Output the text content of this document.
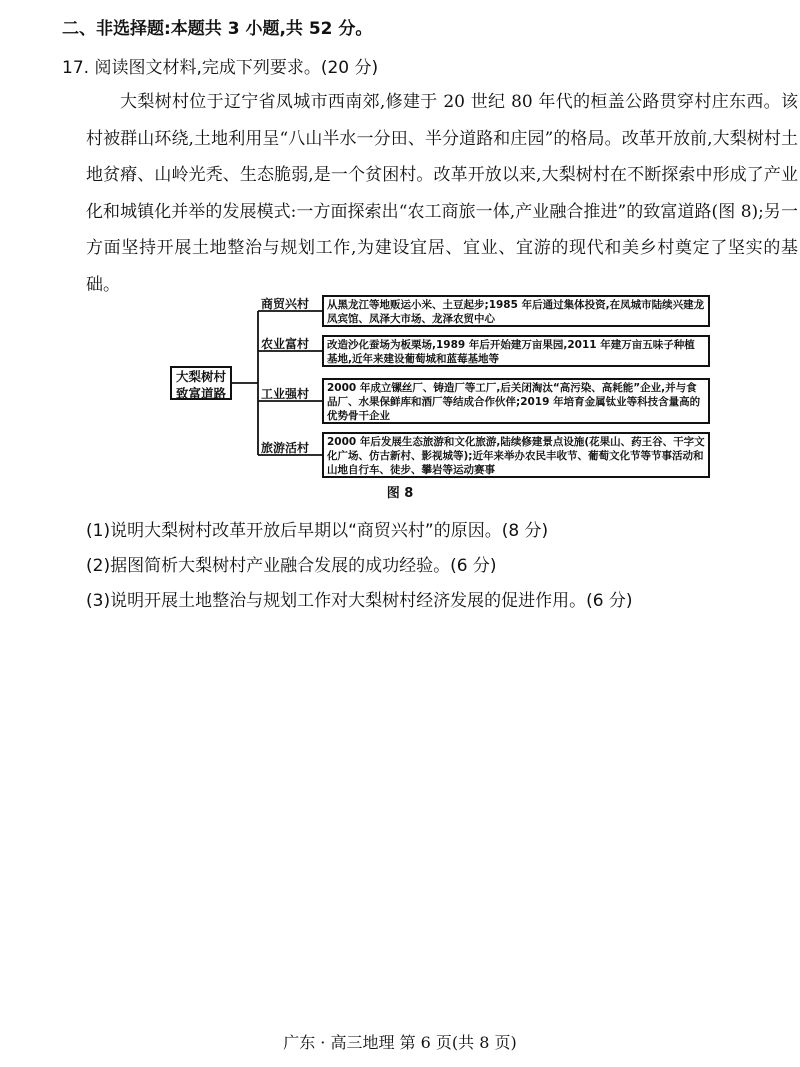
二、非选择题:本题共 3 小题,共 52 分。
17. 阅读图文材料,完成下列要求。(20 分)
大梨树村位于辽宁省凤城市西南郊,修建于 20 世纪 80 年代的桓盖公路贯穿村庄东西。该村被群山环绕,土地利用呈“八山半水一分田、半分道路和庄园”的格局。改革开放前,大梨树村土地贫瘠、山岭光秃、生态脆弱,是一个贫困村。改革开放以来,大梨树村在不断探索中形成了产业化和城镇化并举的发展模式:一方面探索出“农工商旅一体,产业融合推进”的致富道路(图 8);另一方面坚持开展土地整治与规划工作,为建设宜居、宜业、宜游的现代和美乡村奠定了坚实的基础。
大梨树村
致富道路
商贸兴村
农业富村
工业强村
旅游活村
从黑龙江等地贩运小米、土豆起步;1985 年后通过集体投资,在凤城市陆续兴建龙凤宾馆、凤泽大市场、龙泽农贸中心
改造沙化蚕场为板栗场,1989 年后开始建万亩果园,2011 年建万亩五味子种植基地,近年来建设葡萄城和蓝莓基地等
2000 年成立镙丝厂、铸造厂等工厂,后关闭淘汰“高污染、高耗能”企业,并与食品厂、水果保鲜库和酒厂等结成合作伙伴;2019 年培育金属钛业等科技含量高的优势骨干企业
2000 年后发展生态旅游和文化旅游,陆续修建景点设施(花果山、药王谷、干字文化广场、仿古新村、影视城等);近年来举办农民丰收节、葡萄文化节等节事活动和山地自行车、徒步、攀岩等运动赛事
图 8
(1)说明大梨树村改革开放后早期以“商贸兴村”的原因。(8 分)
(2)据图简析大梨树村产业融合发展的成功经验。(6 分)
(3)说明开展土地整治与规划工作对大梨树村经济发展的促进作用。(6 分)
广东 · 高三地理 第 6 页(共 8 页)
